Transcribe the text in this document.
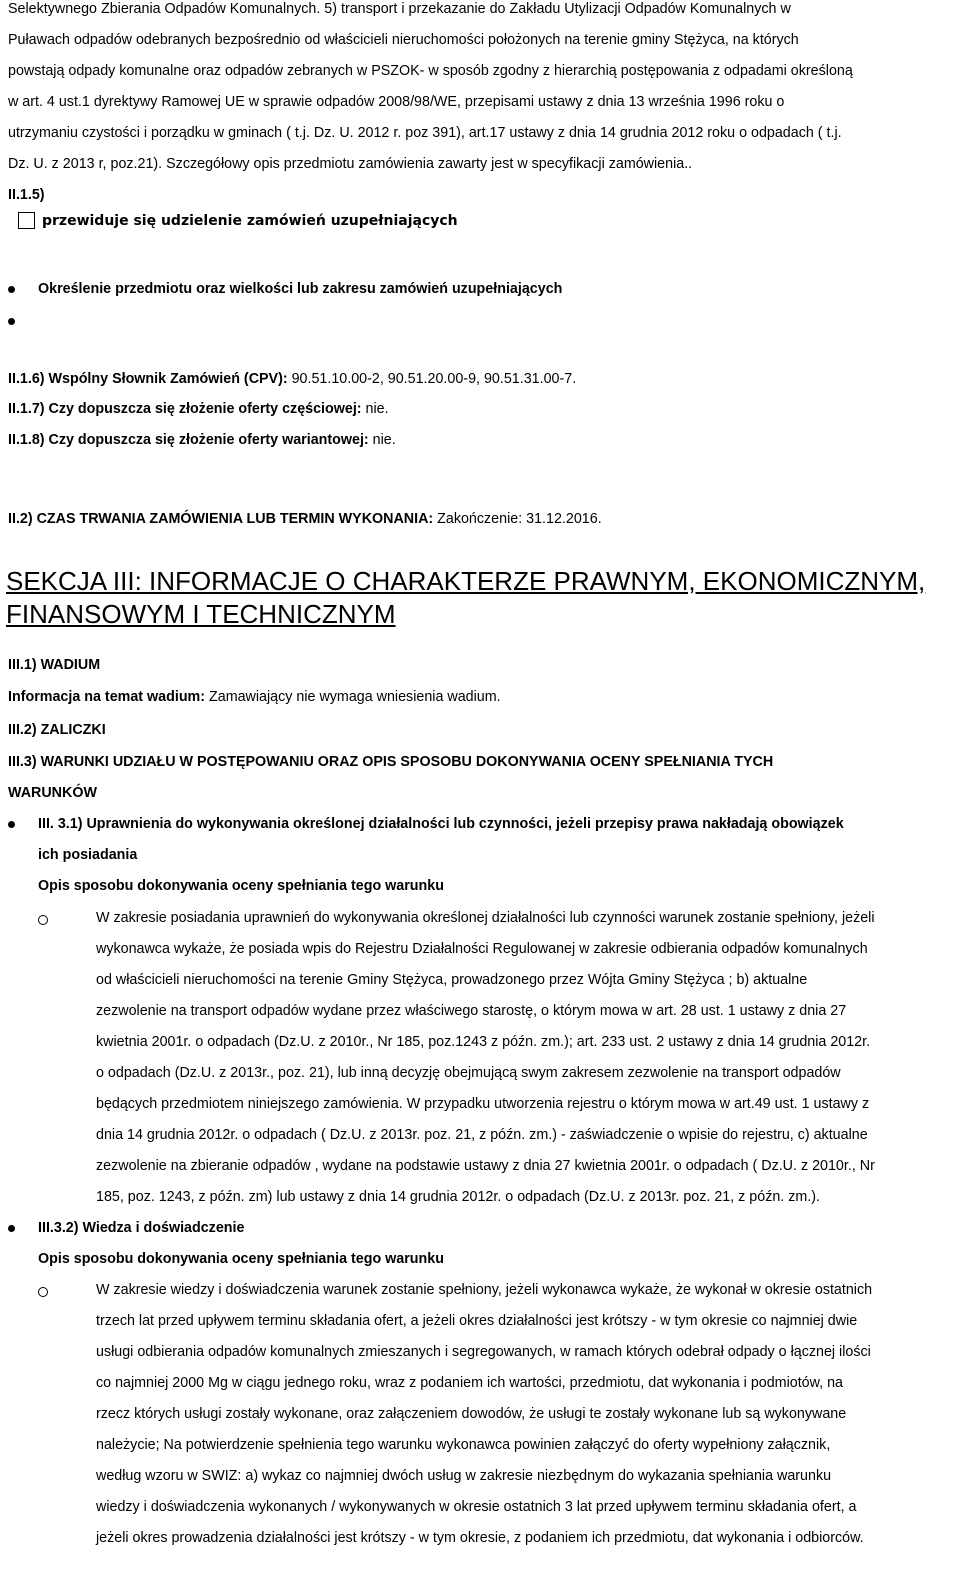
Selektywnego Zbierania Odpadów Komunalnych. 5) transport i przekazanie do Zakładu Utylizacji Odpadów Komunalnych w

Puławach odpadów odebranych bezpośrednio od właścicieli nieruchomości położonych na terenie gminy Stężyca, na których

powstają odpady komunalne oraz odpadów zebranych w PSZOK- w sposób zgodny z hierarchią postępowania z odpadami określoną

w art. 4 ust.1 dyrektywy Ramowej UE w sprawie odpadów 2008/98/WE, przepisami ustawy z dnia 13 września 1996 roku o

utrzymaniu czystości i porządku w gminach ( t.j. Dz. U. 2012 r. poz 391), art.17 ustawy z dnia 14 grudnia 2012 roku o odpadach ( t.j.

Dz. U. z 2013 r, poz.21). Szczegółowy opis przedmiotu zamówienia zawarty jest w specyfikacji zamówienia..

II.1.5)

przewiduje się udzielenie zamówień uzupełniających

Określenie przedmiotu oraz wielkości lub zakresu zamówień uzupełniających

II.1.6) Wspólny Słownik Zamówień (CPV): 90.51.10.00-2, 90.51.20.00-9, 90.51.31.00-7.

II.1.7) Czy dopuszcza się złożenie oferty częściowej: nie.

II.1.8) Czy dopuszcza się złożenie oferty wariantowej: nie.

II.2) CZAS TRWANIA ZAMÓWIENIA LUB TERMIN WYKONANIA: Zakończenie: 31.12.2016.

SEKCJA III: INFORMACJE O CHARAKTERZE PRAWNYM, EKONOMICZNYM,

FINANSOWYM I TECHNICZNYM

III.1) WADIUM

Informacja na temat wadium: Zamawiający nie wymaga wniesienia wadium.

III.2) ZALICZKI

III.3) WARUNKI UDZIAŁU W POSTĘPOWANIU ORAZ OPIS SPOSOBU DOKONYWANIA OCENY SPEŁNIANIA TYCH

WARUNKÓW

III. 3.1) Uprawnienia do wykonywania określonej działalności lub czynności, jeżeli przepisy prawa nakładają obowiązek

ich posiadania

Opis sposobu dokonywania oceny spełniania tego warunku

W zakresie posiadania uprawnień do wykonywania określonej działalności lub czynności warunek zostanie spełniony, jeżeli

wykonawca wykaże, że posiada wpis do Rejestru Działalności Regulowanej w zakresie odbierania odpadów komunalnych

od właścicieli nieruchomości na terenie Gminy Stężyca, prowadzonego przez Wójta Gminy Stężyca ; b) aktualne

zezwolenie na transport odpadów wydane przez właściwego starostę, o którym mowa w art. 28 ust. 1 ustawy z dnia 27

kwietnia 2001r. o odpadach (Dz.U. z 2010r., Nr 185, poz.1243 z późn. zm.); art. 233 ust. 2 ustawy z dnia 14 grudnia 2012r.

o odpadach (Dz.U. z 2013r., poz. 21), lub inną decyzję obejmującą swym zakresem zezwolenie na transport odpadów

będących przedmiotem niniejszego zamówienia. W przypadku utworzenia rejestru o którym mowa w art.49 ust. 1 ustawy z

dnia 14 grudnia 2012r. o odpadach ( Dz.U. z 2013r. poz. 21, z późn. zm.) - zaświadczenie o wpisie do rejestru, c) aktualne

zezwolenie na zbieranie odpadów , wydane na podstawie ustawy z dnia 27 kwietnia 2001r. o odpadach ( Dz.U. z 2010r., Nr

185, poz. 1243, z późn. zm) lub ustawy z dnia 14 grudnia 2012r. o odpadach (Dz.U. z 2013r. poz. 21, z późn. zm.).

III.3.2) Wiedza i doświadczenie

Opis sposobu dokonywania oceny spełniania tego warunku

W zakresie wiedzy i doświadczenia warunek zostanie spełniony, jeżeli wykonawca wykaże, że wykonał w okresie ostatnich

trzech lat przed upływem terminu składania ofert, a jeżeli okres działalności jest krótszy - w tym okresie co najmniej dwie

usługi odbierania odpadów komunalnych zmieszanych i segregowanych, w ramach których odebrał odpady o łącznej ilości

co najmniej 2000 Mg w ciągu jednego roku, wraz z podaniem ich wartości, przedmiotu, dat wykonania i podmiotów, na

rzecz których usługi zostały wykonane, oraz załączeniem dowodów, że usługi te zostały wykonane lub są wykonywane

należycie; Na potwierdzenie spełnienia tego warunku wykonawca powinien załączyć do oferty wypełniony załącznik,

według wzoru w SWIZ: a) wykaz co najmniej dwóch usług w zakresie niezbędnym do wykazania spełniania warunku

wiedzy i doświadczenia wykonanych / wykonywanych w okresie ostatnich 3 lat przed upływem terminu składania ofert, a

jeżeli okres prowadzenia działalności jest krótszy - w tym okresie, z podaniem ich przedmiotu, dat wykonania i odbiorców.
